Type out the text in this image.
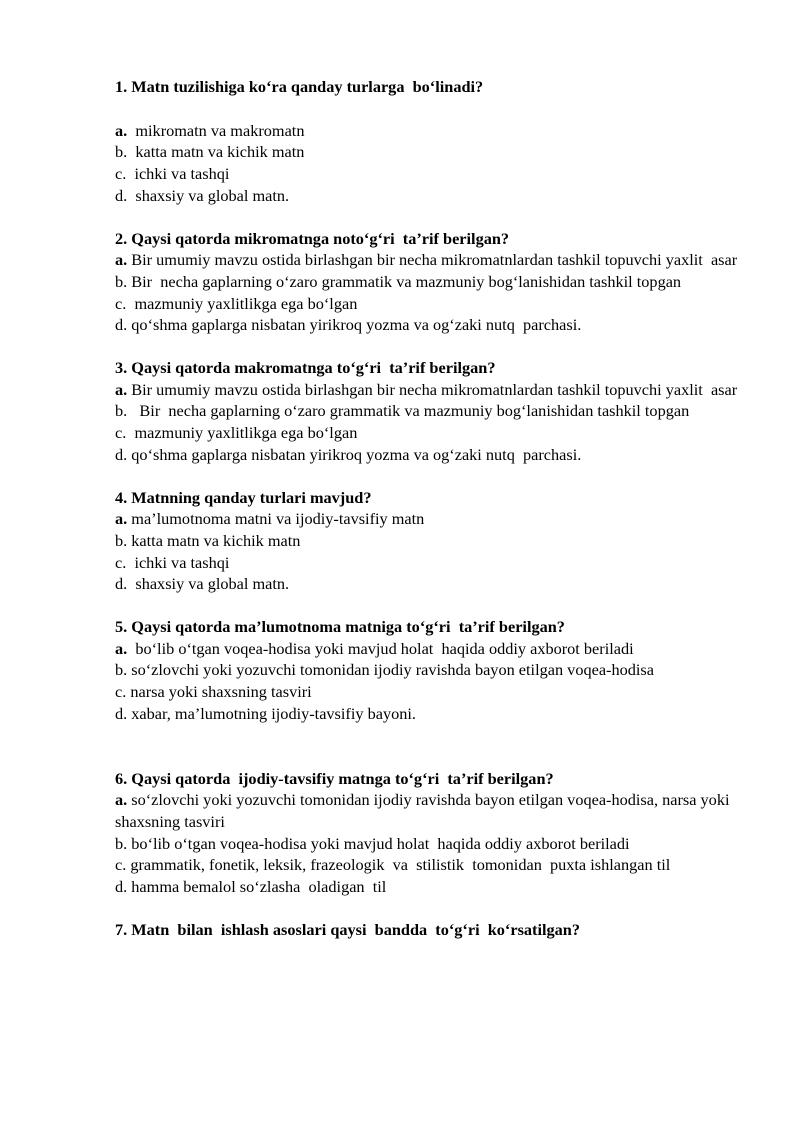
1. Matn tuzilishiga ko‘ra qanday turlarga  bo‘linadi?

a.  mikromatn va makromatn

b.  katta matn va kichik matn

c.  ichki va tashqi

d.  shaxsiy va global matn.

2. Qaysi qatorda mikromatnga noto‘g‘ri  ta’rif berilgan?

a. Bir umumiy mavzu ostida birlashgan bir necha mikromatnlardan tashkil topuvchi yaxlit  asar

b. Bir  necha gaplarning o‘zaro grammatik va mazmuniy bog‘lanishidan tashkil topgan

c.  mazmuniy yaxlitlikga ega bo‘lgan

d. qo‘shma gaplarga nisbatan yirikroq yozma va og‘zaki nutq  parchasi.

3. Qaysi qatorda makromatnga to‘g‘ri  ta’rif berilgan?

a. Bir umumiy mavzu ostida birlashgan bir necha mikromatnlardan tashkil topuvchi yaxlit  asar

b.   Bir  necha gaplarning o‘zaro grammatik va mazmuniy bog‘lanishidan tashkil topgan

c.  mazmuniy yaxlitlikga ega bo‘lgan

d. qo‘shma gaplarga nisbatan yirikroq yozma va og‘zaki nutq  parchasi.

4. Matnning qanday turlari mavjud?

a. ma’lumotnoma matni va ijodiy-tavsifiy matn

b. katta matn va kichik matn

c.  ichki va tashqi

d.  shaxsiy va global matn.

5. Qaysi qatorda ma’lumotnoma matniga to‘g‘ri  ta’rif berilgan?

a.  bo‘lib o‘tgan voqea-hodisa yoki mavjud holat  haqida oddiy axborot beriladi

b. so‘zlovchi yoki yozuvchi tomonidan ijodiy ravishda bayon etilgan voqea-hodisa

c. narsa yoki shaxsning tasviri

d. xabar, ma’lumotning ijodiy-tavsifiy bayoni.

6. Qaysi qatorda  ijodiy-tavsifiy matnga to‘g‘ri  ta’rif berilgan?

a. so‘zlovchi yoki yozuvchi tomonidan ijodiy ravishda bayon etilgan voqea-hodisa, narsa yoki shaxsning tasviri

b. bo‘lib o‘tgan voqea-hodisa yoki mavjud holat  haqida oddiy axborot beriladi

c. grammatik, fonetik, leksik, frazeologik  va  stilistik  tomonidan  puxta ishlangan til

d. hamma bemalol so‘zlasha  oladigan  til

7. Matn  bilan  ishlash asoslari qaysi  bandda  to‘g‘ri  ko‘rsatilgan?
